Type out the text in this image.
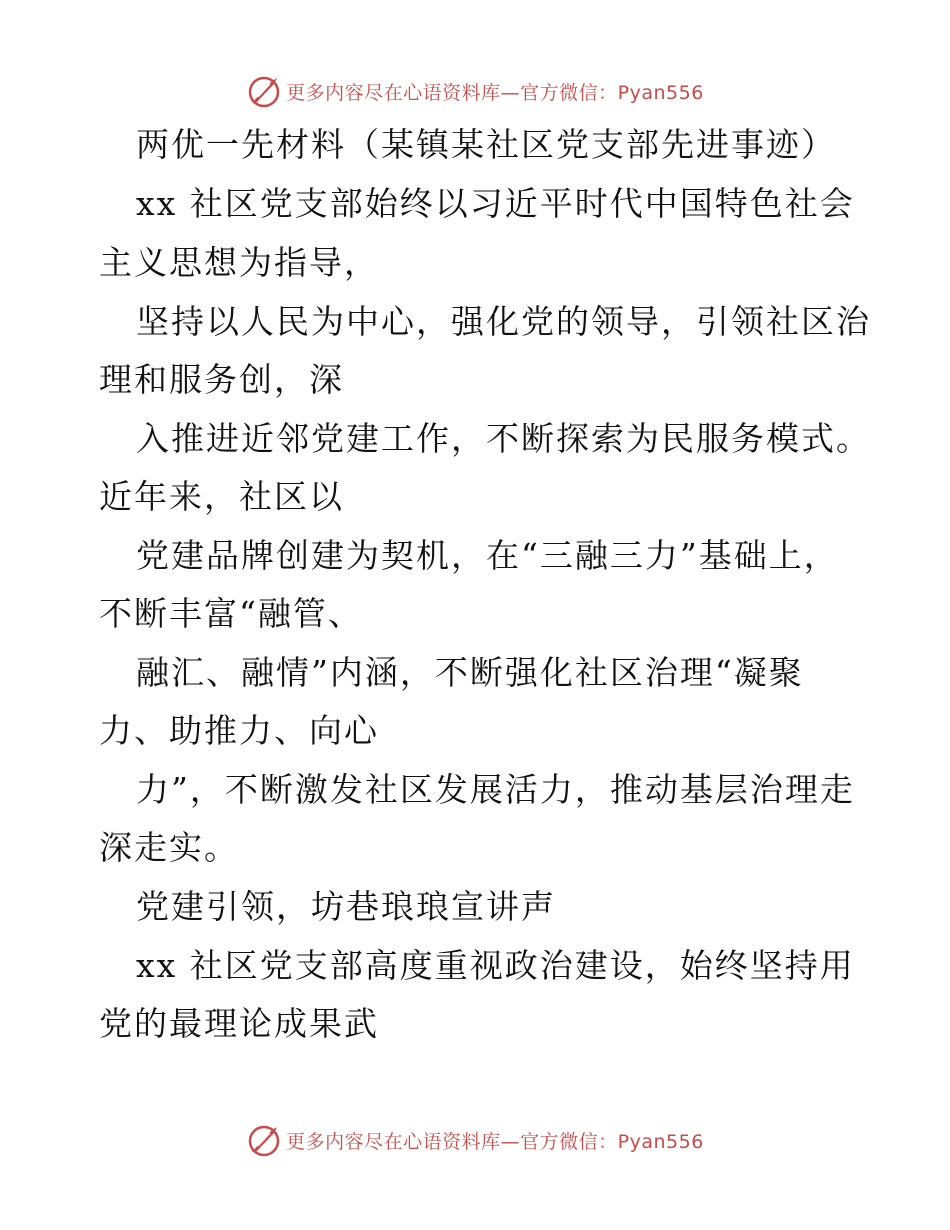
更多内容尽在心语资料库—官方微信：Pyan556
两优一先材料（某镇某社区党支部先进事迹）
xx 社区党支部始终以习近平时代中国特色社会
主义思想为指导，
坚持以人民为中心，强化党的领导，引领社区治
理和服务创，深
入推进近邻党建工作，不断探索为民服务模式。
近年来，社区以
党建品牌创建为契机，在“三融三力”基础上，
不断丰富“融管、
融汇、融情”内涵，不断强化社区治理“凝聚
力、助推力、向心
力”，不断激发社区发展活力，推动基层治理走
深走实。
党建引领，坊巷琅琅宣讲声
xx 社区党支部高度重视政治建设，始终坚持用
党的最理论成果武
更多内容尽在心语资料库—官方微信：Pyan556
